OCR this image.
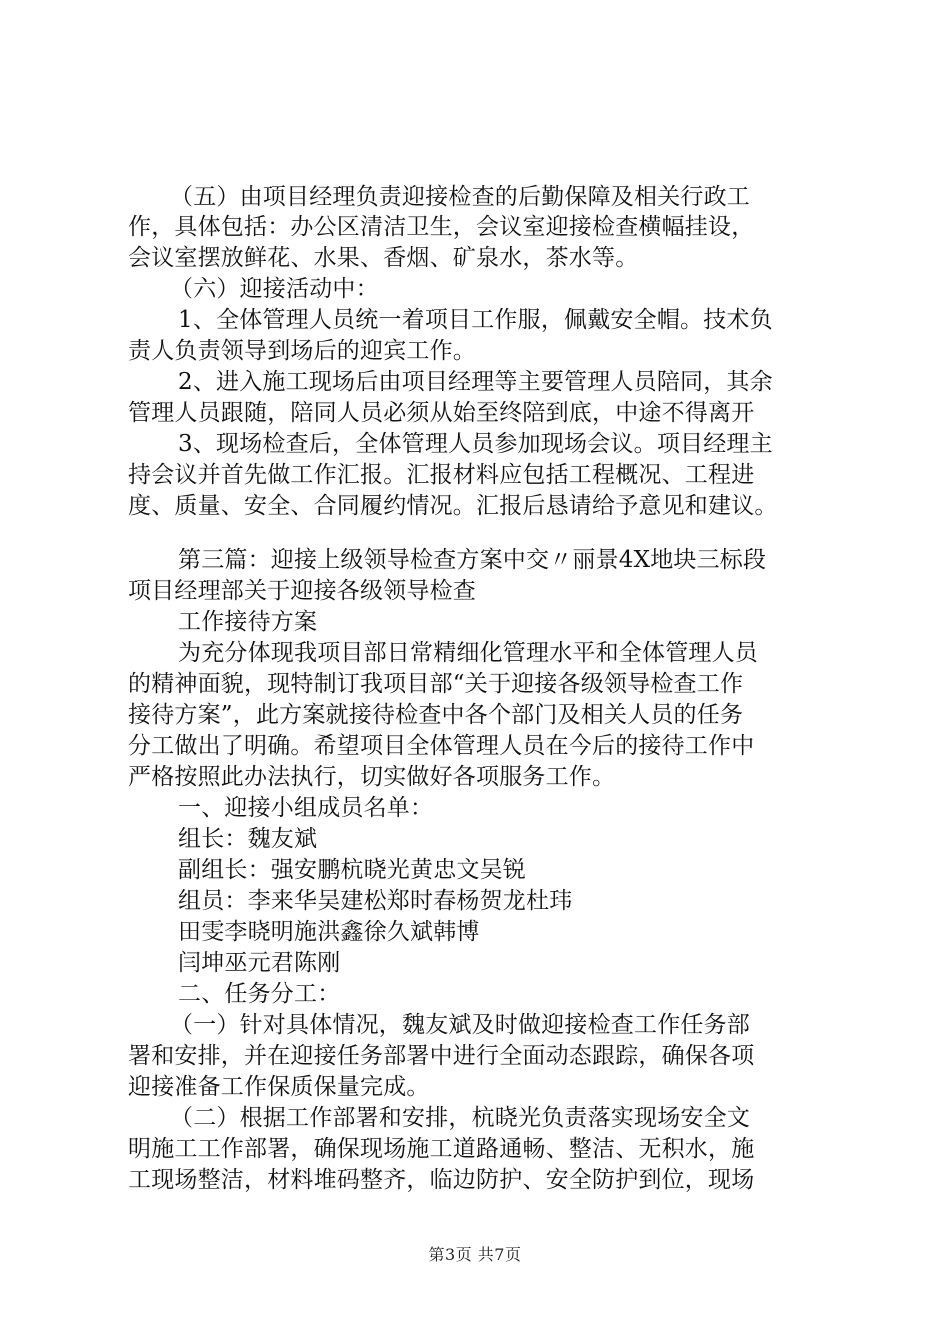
（五）由项目经理负责迎接检查的后勤保障及相关行政工
作，具体包括：办公区清洁卫生，会议室迎接检查横幅挂设，
会议室摆放鲜花、水果、香烟、矿泉水，茶水等。
（六）迎接活动中：
1、全体管理人员统一着项目工作服，佩戴安全帽。技术负
责人负责领导到场后的迎宾工作。
2、进入施工现场后由项目经理等主要管理人员陪同，其余
管理人员跟随，陪同人员必须从始至终陪到底，中途不得离开
3、现场检查后，全体管理人员参加现场会议。项目经理主
持会议并首先做工作汇报。汇报材料应包括工程概况、工程进
度、质量、安全、合同履约情况。汇报后恳请给予意见和建议。
第三篇：迎接上级领导检查方案中交〃丽景4X地块三标段
项目经理部关于迎接各级领导检查
工作接待方案
为充分体现我项目部日常精细化管理水平和全体管理人员
的精神面貌，现特制订我项目部“关于迎接各级领导检查工作
接待方案”，此方案就接待检查中各个部门及相关人员的任务
分工做出了明确。希望项目全体管理人员在今后的接待工作中
严格按照此办法执行，切实做好各项服务工作。
一、迎接小组成员名单：
组长：魏友斌
副组长：强安鹏杭晓光黄忠文吴锐
组员：李来华吴建松郑时春杨贺龙杜玮
田雯李晓明施洪鑫徐久斌韩博
闫坤巫元君陈刚
二、任务分工：
（一）针对具体情况，魏友斌及时做迎接检查工作任务部
署和安排，并在迎接任务部署中进行全面动态跟踪，确保各项
迎接准备工作保质保量完成。
（二）根据工作部署和安排，杭晓光负责落实现场安全文
明施工工作部署，确保现场施工道路通畅、整洁、无积水，施
工现场整洁，材料堆码整齐，临边防护、安全防护到位，现场
第3页 共7页
